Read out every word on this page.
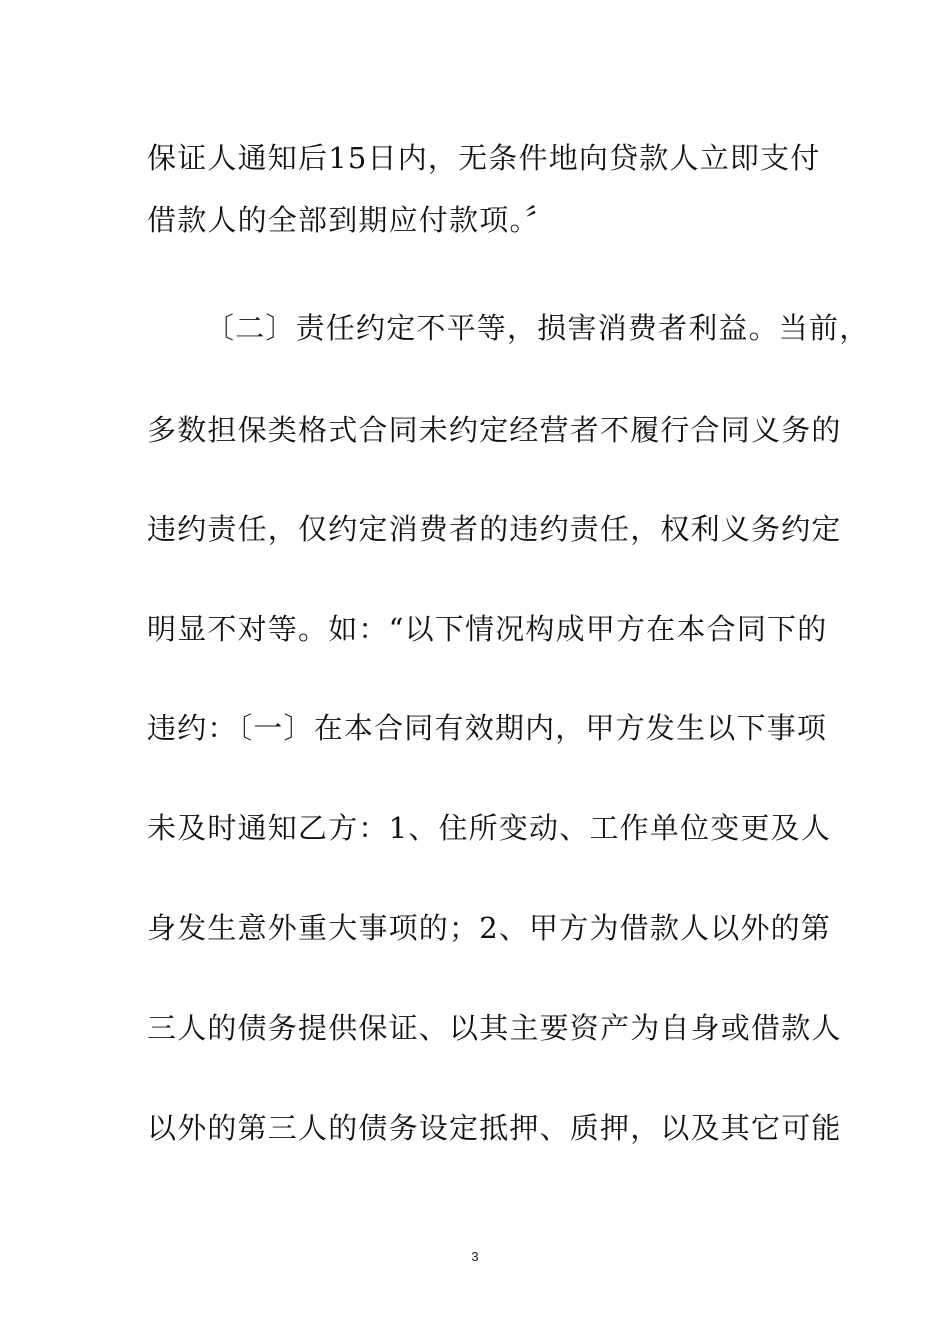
保证人通知后15日内，无条件地向贷款人立即支付
借款人的全部到期应付款项。〞
〔二〕责任约定不平等，损害消费者利益。当前，
多数担保类格式合同未约定经营者不履行合同义务的
违约责任，仅约定消费者的违约责任，权利义务约定
明显不对等。如：“以下情况构成甲方在本合同下的
违约：〔一〕在本合同有效期内，甲方发生以下事项
未及时通知乙方：1、住所变动、工作单位变更及人
身发生意外重大事项的；2、甲方为借款人以外的第
三人的债务提供保证、以其主要资产为自身或借款人
以外的第三人的债务设定抵押、质押，以及其它可能
3
